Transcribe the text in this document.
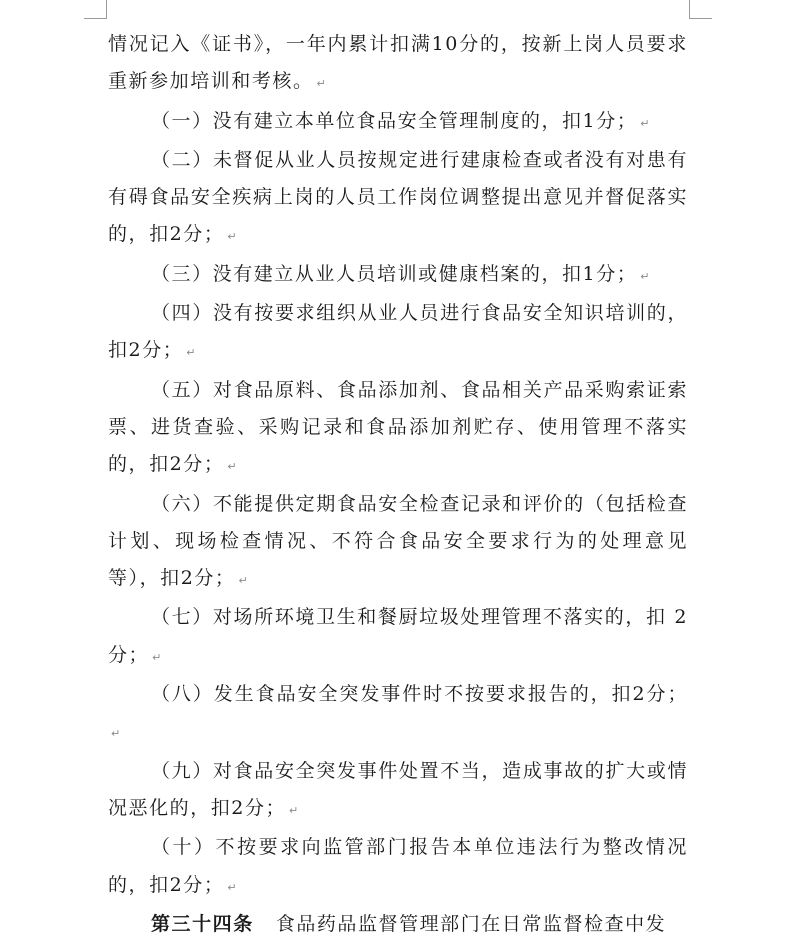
情况记入《证书》，一年内累计扣满10分的，按新上岗人员要求重新参加培训和考核。 ↵

（一）没有建立本单位食品安全管理制度的，扣1分； ↵

（二）未督促从业人员按规定进行建康检查或者没有对患有有碍食品安全疾病上岗的人员工作岗位调整提出意见并督促落实的，扣2分； ↵

（三）没有建立从业人员培训或健康档案的，扣1分； ↵

（四）没有按要求组织从业人员进行食品安全知识培训的，扣2分； ↵

（五）对食品原料、食品添加剂、食品相关产品采购索证索票、进货查验、采购记录和食品添加剂贮存、使用管理不落实的，扣2分； ↵

（六）不能提供定期食品安全检查记录和评价的（包括检查计划、现场检查情况、不符合食品安全要求行为的处理意见等），扣2分； ↵

（七）对场所环境卫生和餐厨垃圾处理管理不落实的，扣 2 分； ↵

（八）发生食品安全突发事件时不按要求报告的，扣2分；↵

（九）对食品安全突发事件处置不当，造成事故的扩大或情况恶化的，扣2分； ↵

（十）不按要求向监管部门报告本单位违法行为整改情况的，扣2分； ↵

第三十四条 食品药品监督管理部门在日常监督检查中发
